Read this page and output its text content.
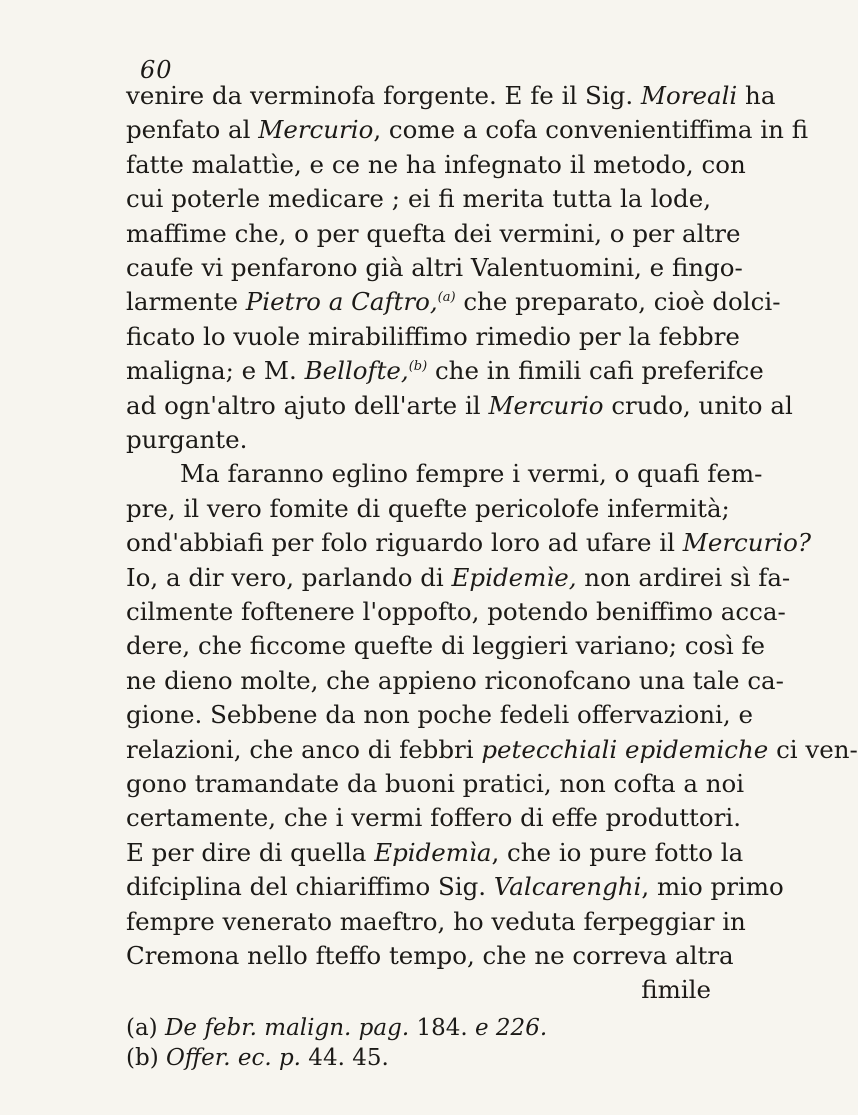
60
venire da verminofa forgente. E fe il Sig. Moreali ha
penfato al Mercurio, come a cofa convenientiffima in fi
fatte malattìe, e ce ne ha infegnato il metodo, con
cui poterle medicare ; ei fi merita tutta la lode,
maffime che, o per quefta dei vermini, o per altre
caufe vi penfarono già altri Valentuomini, e fingo-
larmente Pietro a Caftro,$^{(a)}$ che preparato, cioè dolci-
ficato lo vuole mirabiliffimo rimedio per la febbre
maligna; e M. Bellofte,$^{(b)}$ che in fimili cafi preferifce
ad ogn'altro ajuto dell'arte il Mercurio crudo, unito al
purgante.
Ma faranno eglino fempre i vermi, o quafi fem-
pre, il vero fomite di quefte pericolofe infermità;
ond'abbiafi per folo riguardo loro ad ufare il Mercurio?
Io, a dir vero, parlando di Epidemìe, non ardirei sì fa-
cilmente foftenere l'oppofto, potendo beniffimo acca-
dere, che ficcome quefte di leggieri variano; così fe
ne dieno molte, che appieno riconofcano una tale ca-
gione. Sebbene da non poche fedeli offervazioni, e
relazioni, che anco di febbri petecchiali epidemiche ci ven-
gono tramandate da buoni pratici, non cofta a noi
certamente, che i vermi foffero di effe produttori.
E per dire di quella Epidemìa, che io pure fotto la
difciplina del chiariffimo Sig. Valcarenghi, mio primo
fempre venerato maeftro, ho veduta ferpeggiar in
Cremona nello fteffo tempo, che ne correva altra
fimile
(a) De febr. malign. pag. 184. e 226.
(b) Offer. ec. p. 44. 45.
